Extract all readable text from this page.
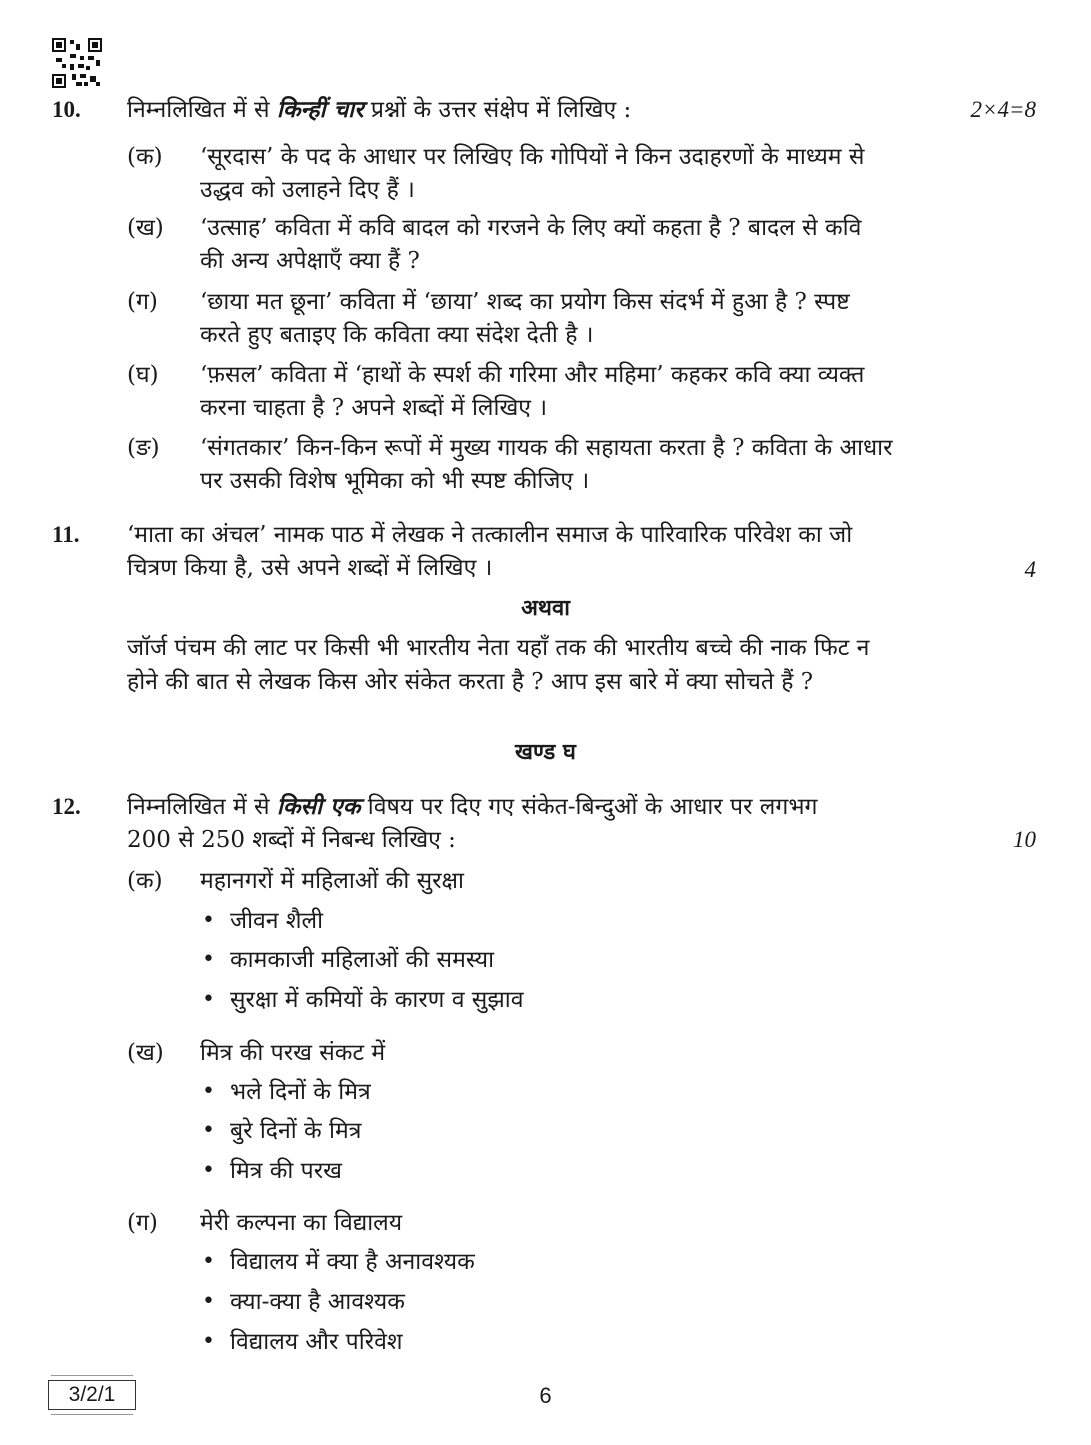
10. निम्नलिखित में से किन्हीं चार प्रश्नों के उत्तर संक्षेप में लिखिए :	2×4=8
(क) ‘सूरदास’ के पद के आधार पर लिखिए कि गोपियों ने किन उदाहरणों के माध्यम से
उद्धव को उलाहने दिए हैं ।
(ख) ‘उत्साह’ कविता में कवि बादल को गरजने के लिए क्यों कहता है ? बादल से कवि
की अन्य अपेक्षाएँ क्या हैं ?
(ग) ‘छाया मत छूना’ कविता में ‘छाया’ शब्द का प्रयोग किस संदर्भ में हुआ है ? स्पष्ट
करते हुए बताइए कि कविता क्या संदेश देती है ।
(घ) ‘फ़सल’ कविता में ‘हाथों के स्पर्श की गरिमा और महिमा’ कहकर कवि क्या व्यक्त
करना चाहता है ? अपने शब्दों में लिखिए ।
(ङ) ‘संगतकार’ किन-किन रूपों में मुख्य गायक की सहायता करता है ? कविता के आधार
पर उसकी विशेष भूमिका को भी स्पष्ट कीजिए ।
11. ‘माता का अंचल’ नामक पाठ में लेखक ने तत्कालीन समाज के पारिवारिक परिवेश का जो
चित्रण किया है, उसे अपने शब्दों में लिखिए ।	4
अथवा
जॉर्ज पंचम की लाट पर किसी भी भारतीय नेता यहाँ तक की भारतीय बच्चे की नाक फिट न
होने की बात से लेखक किस ओर संकेत करता है ? आप इस बारे में क्या सोचते हैं ?
खण्ड घ
12. निम्नलिखित में से किसी एक विषय पर दिए गए संकेत-बिन्दुओं के आधार पर लगभग
200 से 250 शब्दों में निबन्ध लिखिए :	10
(क) महानगरों में महिलाओं की सुरक्षा
• जीवन शैली
• कामकाजी महिलाओं की समस्या
• सुरक्षा में कमियों के कारण व सुझाव
(ख) मित्र की परख संकट में
• भले दिनों के मित्र
• बुरे दिनों के मित्र
• मित्र की परख
(ग) मेरी कल्पना का विद्यालय
• विद्यालय में क्या है अनावश्यक
• क्या-क्या है आवश्यक
• विद्यालय और परिवेश
3/2/1	6
